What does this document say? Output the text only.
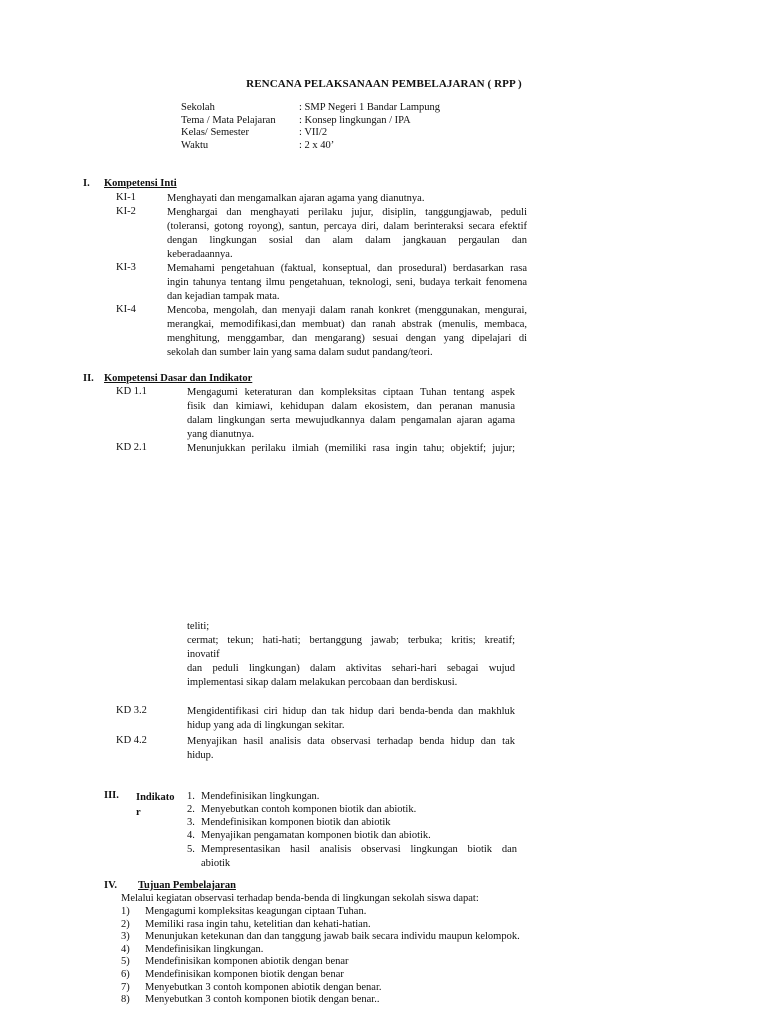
RENCANA PELAKSANAAN PEMBELAJARAN ( RPP )
Sekolah	: SMP Negeri 1 Bandar Lampung
Tema / Mata Pelajaran : Konsep lingkungan / IPA
Kelas/ Semester	: VII/2
Waktu	: 2 x 40’
I. Kompetensi Inti
KI-1	Menghayati dan mengamalkan ajaran agama yang dianutnya.
KI-2	Menghargai dan menghayati perilaku jujur, disiplin, tanggungjawab, peduli
(toleransi, gotong royong), santun, percaya diri, dalam berinteraksi secara efektif
dengan lingkungan sosial dan alam dalam jangkauan pergaulan dan
keberadaannya.
KI-3	Memahami pengetahuan (faktual, konseptual, dan prosedural) berdasarkan rasa
ingin tahunya tentang ilmu pengetahuan, teknologi, seni, budaya terkait fenomena
dan kejadian tampak mata.
KI-4	Mencoba, mengolah, dan menyaji dalam ranah konkret (menggunakan, mengurai,
merangkai, memodifikasi,dan membuat) dan ranah abstrak (menulis, membaca,
menghitung, menggambar, dan mengarang) sesuai dengan yang dipelajari di
sekolah dan sumber lain yang sama dalam sudut pandang/teori.
II. Kompetensi Dasar dan Indikator
KD 1.1	Mengagumi keteraturan dan kompleksitas ciptaan Tuhan tentang aspek
fisik dan kimiawi, kehidupan dalam ekosistem, dan peranan manusia
dalam lingkungan serta mewujudkannya dalam pengamalan ajaran agama
yang dianutnya.
KD 2.1	Menunjukkan perilaku ilmiah (memiliki rasa ingin tahu; objektif; jujur;
teliti;
cermat; tekun; hati-hati; bertanggung jawab; terbuka; kritis; kreatif;
inovatif
dan peduli lingkungan) dalam aktivitas sehari-hari sebagai wujud
implementasi sikap dalam melakukan percobaan dan berdiskusi.
KD 3.2	Mengidentifikasi ciri hidup dan tak hidup dari benda-benda dan makhluk
hidup yang ada di lingkungan sekitar.
KD 4.2	Menyajikan hasil analisis data observasi terhadap benda hidup dan tak
hidup.
III. Indikato
r
1. Mendefinisikan lingkungan.
2. Menyebutkan contoh komponen biotik dan abiotik.
3. Mendefinisikan komponen biotik dan abiotik
4. Menyajikan pengamatan komponen biotik dan abiotik.
5. Mempresentasikan hasil analisis observasi lingkungan biotik dan
abiotik
IV. Tujuan Pembelajaran
Melalui kegiatan observasi terhadap benda-benda di lingkungan sekolah siswa dapat:
1) Mengagumi kompleksitas keagungan ciptaan Tuhan.
2) Memiliki rasa ingin tahu, ketelitian dan kehati-hatian.
3) Menunjukan ketekunan dan dan tanggung jawab baik secara individu maupun kelompok.
4) Mendefinisikan lingkungan.
5) Mendefinisikan komponen abiotik dengan benar
6) Mendefinisikan komponen biotik dengan benar
7) Menyebutkan 3 contoh komponen abiotik dengan benar.
8) Menyebutkan 3 contoh komponen biotik dengan benar..
